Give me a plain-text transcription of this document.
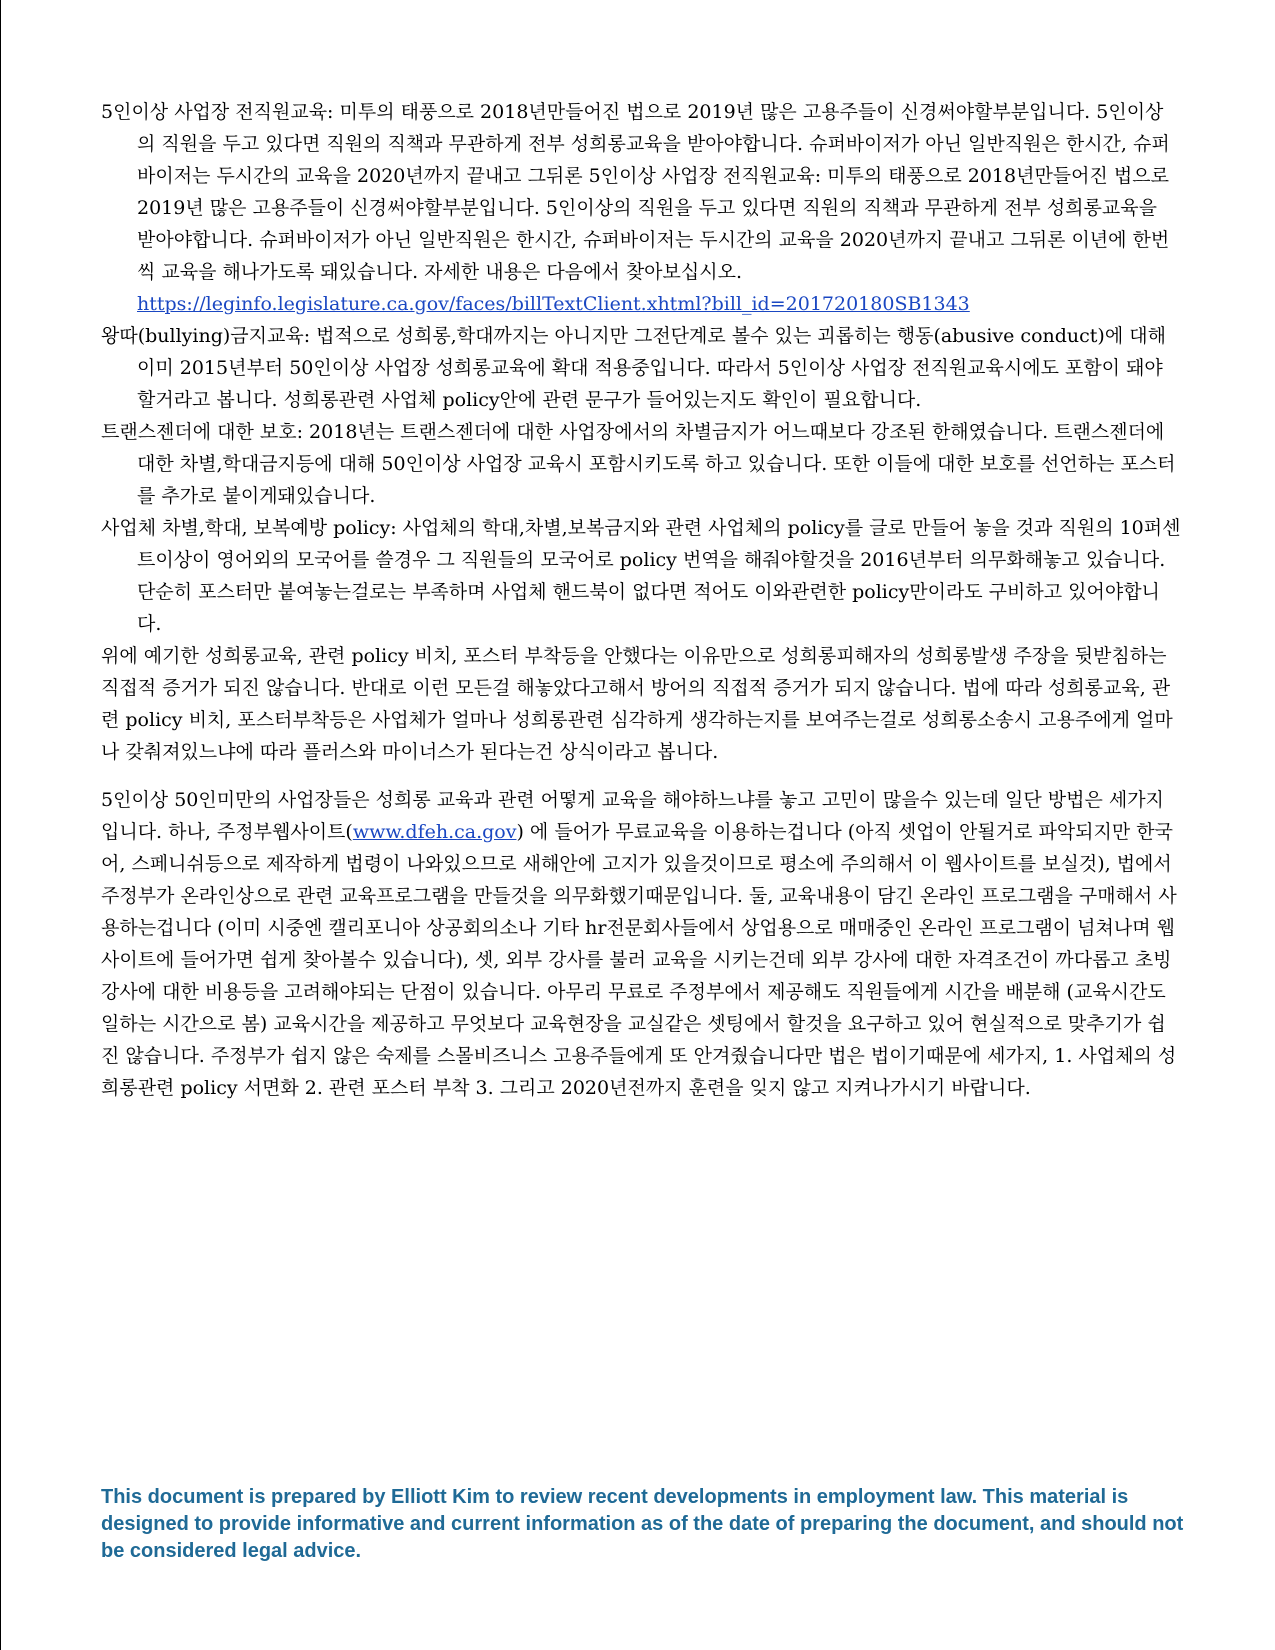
5인이상 사업장 전직원교육: 미투의 태풍으로 2018년만들어진 법으로 2019년 많은 고용주들이 신경써야할부분입니다. 5인이상의 직원을 두고 있다면 직원의 직책과 무관하게 전부 성희롱교육을 받아야합니다. 슈퍼바이저가 아닌 일반직원은 한시간, 슈퍼바이저는 두시간의 교육을 2020년까지 끝내고 그뒤론 5인이상 사업장 전직원교육: 미투의 태풍으로 2018년만들어진 법으로 2019년 많은 고용주들이 신경써야할부분입니다. 5인이상의 직원을 두고 있다면 직원의 직책과 무관하게 전부 성희롱교육을 받아야합니다. 슈퍼바이저가 아닌 일반직원은 한시간, 슈퍼바이저는 두시간의 교육을 2020년까지 끝내고 그뒤론 이년에 한번씩 교육을 해나가도록 돼있습니다. 자세한 내용은 다음에서 찾아보십시오. https://leginfo.legislature.ca.gov/faces/billTextClient.xhtml?bill_id=201720180SB1343

왕따(bullying)금지교육: 법적으로 성희롱,학대까지는 아니지만 그전단계로 볼수 있는 괴롭히는 행동(abusive conduct)에 대해 이미 2015년부터 50인이상 사업장 성희롱교육에 확대 적용중입니다. 따라서 5인이상 사업장 전직원교육시에도 포함이 돼야할거라고 봅니다. 성희롱관련 사업체 policy안에 관련 문구가 들어있는지도 확인이 필요합니다.

트랜스젠더에 대한 보호: 2018년는 트랜스젠더에 대한 사업장에서의 차별금지가 어느때보다 강조된 한해였습니다. 트랜스젠더에 대한 차별,학대금지등에 대해 50인이상 사업장 교육시 포함시키도록 하고 있습니다. 또한 이들에 대한 보호를 선언하는 포스터를 추가로 붙이게돼있습니다.

사업체 차별,학대, 보복예방 policy: 사업체의 학대,차별,보복금지와 관련 사업체의 policy를 글로 만들어 놓을 것과 직원의 10퍼센트이상이 영어외의 모국어를 쓸경우 그 직원들의 모국어로 policy 번역을 해줘야할것을 2016년부터 의무화해놓고 있습니다. 단순히 포스터만 붙여놓는걸로는 부족하며 사업체 핸드북이 없다면 적어도 이와관련한 policy만이라도 구비하고 있어야합니다.

위에 예기한 성희롱교육, 관련 policy 비치, 포스터 부착등을 안했다는 이유만으로 성희롱피해자의 성희롱발생 주장을 뒷받침하는 직접적 증거가 되진 않습니다. 반대로 이런 모든걸 해놓았다고해서 방어의 직접적 증거가 되지 않습니다. 법에 따라 성희롱교육, 관련 policy 비치, 포스터부착등은 사업체가 얼마나 성희롱관련 심각하게 생각하는지를 보여주는걸로 성희롱소송시 고용주에게 얼마나 갖춰져있느냐에 따라 플러스와 마이너스가 된다는건 상식이라고 봅니다.

5인이상 50인미만의 사업장들은 성희롱 교육과 관련 어떻게 교육을 해야하느냐를 놓고 고민이 많을수 있는데 일단 방법은 세가지입니다. 하나, 주정부웹사이트(www.dfeh.ca.gov) 에 들어가 무료교육을 이용하는겁니다 (아직 셋업이 안될거로 파악되지만 한국어, 스페니쉬등으로 제작하게 법령이 나와있으므로 새해안에 고지가 있을것이므로 평소에 주의해서 이 웹사이트를 보실것), 법에서 주정부가 온라인상으로 관련 교육프로그램을 만들것을 의무화했기때문입니다. 둘, 교육내용이 담긴 온라인 프로그램을 구매해서 사용하는겁니다 (이미 시중엔 캘리포니아 상공회의소나 기타 hr전문회사들에서 상업용으로 매매중인 온라인 프로그램이 넘쳐나며 웹사이트에 들어가면 쉽게 찾아볼수 있습니다), 셋, 외부 강사를 불러 교육을 시키는건데 외부 강사에 대한 자격조건이 까다롭고 초빙강사에 대한 비용등을 고려해야되는 단점이 있습니다. 아무리 무료로 주정부에서 제공해도 직원들에게 시간을 배분해 (교육시간도 일하는 시간으로 봄) 교육시간을 제공하고 무엇보다 교육현장을 교실같은 셋팅에서 할것을 요구하고 있어 현실적으로 맞추기가 쉽진 않습니다. 주정부가 쉽지 않은 숙제를 스몰비즈니스 고용주들에게 또 안겨줬습니다만 법은 법이기때문에 세가지, 1. 사업체의 성희롱관련 policy 서면화 2. 관련 포스터 부착 3. 그리고 2020년전까지 훈련을 잊지 않고 지켜나가시기 바랍니다.

This document is prepared by Elliott Kim to review recent developments in employment law. This material is designed to provide informative and current information as of the date of preparing the document, and should not be considered legal advice.
